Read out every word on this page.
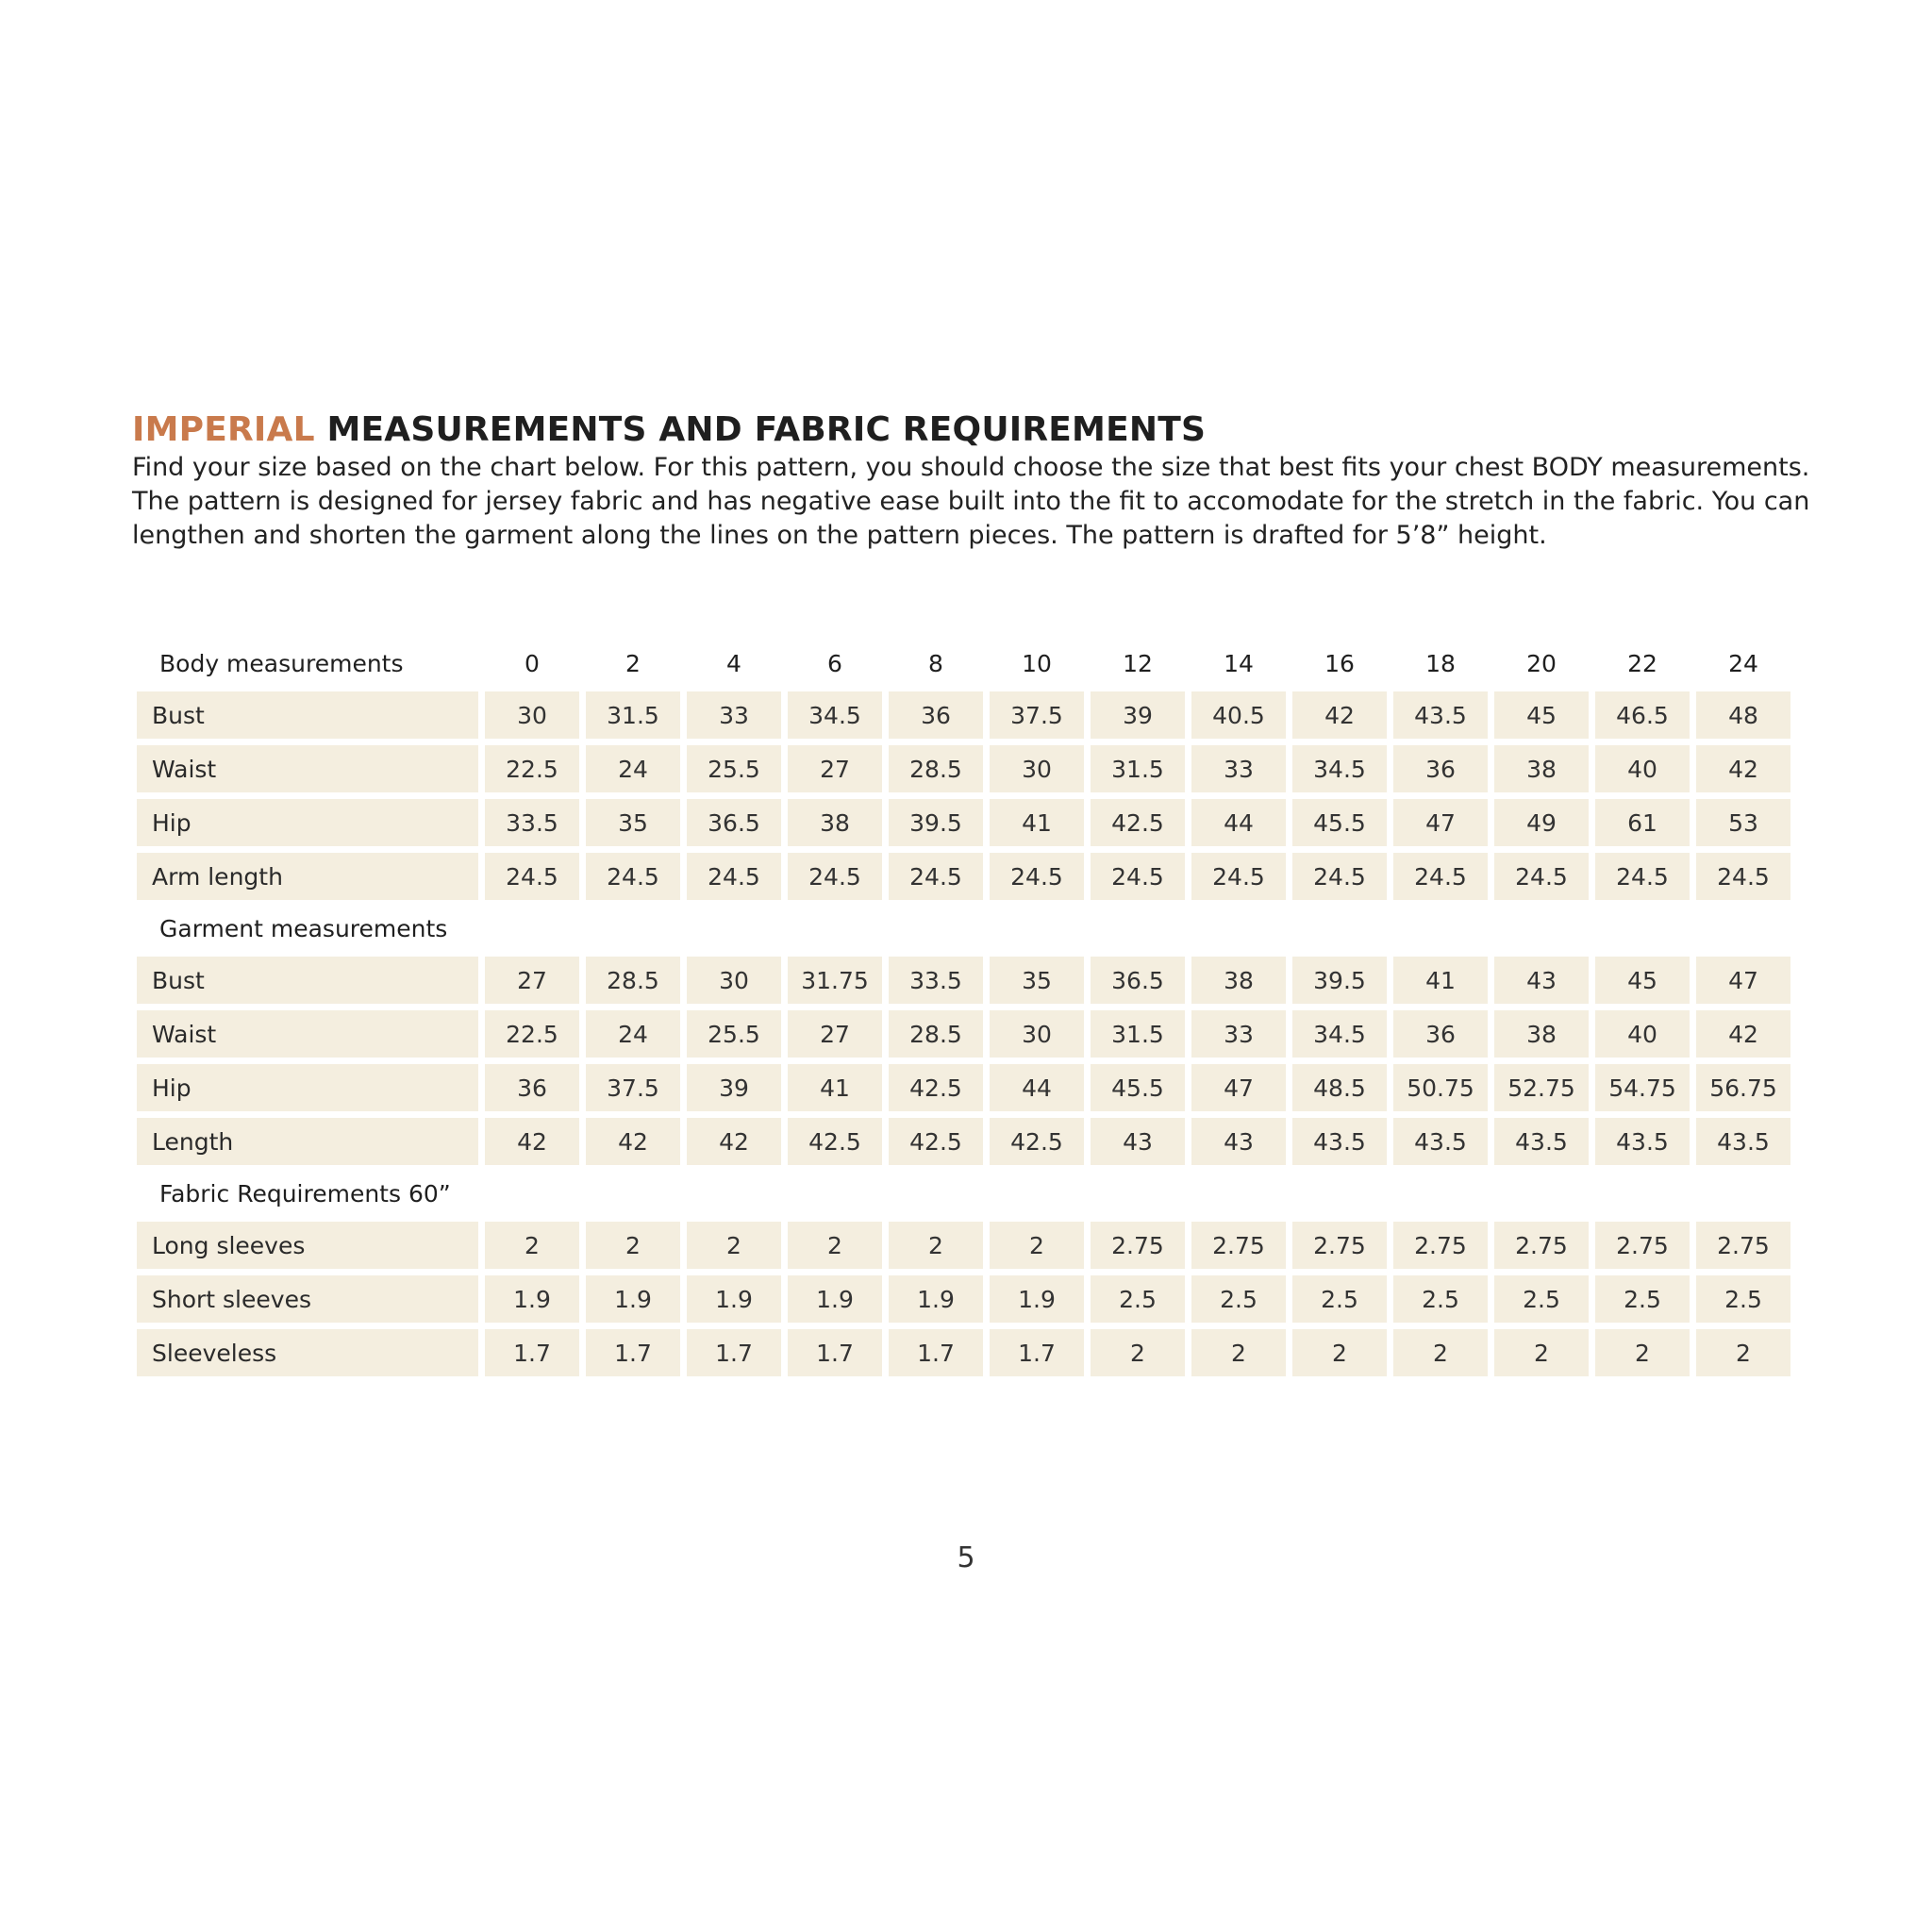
IMPERIAL MEASUREMENTS AND FABRIC REQUIREMENTS

Find your size based on the chart below. For this pattern, you should choose the size that best fits your chest BODY measurements.
The pattern is designed for jersey fabric and has negative ease built into the fit to accomodate for the stretch in the fabric. You can
lengthen and shorten the garment along the lines on the pattern pieces. The pattern is drafted for 5’8” height.

Body measurements	0	2	4	6	8	10	12	14	16	18	20	22	24
Bust	30	31.5	33	34.5	36	37.5	39	40.5	42	43.5	45	46.5	48
Waist	22.5	24	25.5	27	28.5	30	31.5	33	34.5	36	38	40	42
Hip	33.5	35	36.5	38	39.5	41	42.5	44	45.5	47	49	61	53
Arm length	24.5	24.5	24.5	24.5	24.5	24.5	24.5	24.5	24.5	24.5	24.5	24.5	24.5
Garment measurements													
Bust	27	28.5	30	31.75	33.5	35	36.5	38	39.5	41	43	45	47
Waist	22.5	24	25.5	27	28.5	30	31.5	33	34.5	36	38	40	42
Hip	36	37.5	39	41	42.5	44	45.5	47	48.5	50.75	52.75	54.75	56.75
Length	42	42	42	42.5	42.5	42.5	43	43	43.5	43.5	43.5	43.5	43.5
Fabric Requirements 60”													
Long sleeves	2	2	2	2	2	2	2.75	2.75	2.75	2.75	2.75	2.75	2.75
Short sleeves	1.9	1.9	1.9	1.9	1.9	1.9	2.5	2.5	2.5	2.5	2.5	2.5	2.5
Sleeveless	1.7	1.7	1.7	1.7	1.7	1.7	2	2	2	2	2	2	2
5
